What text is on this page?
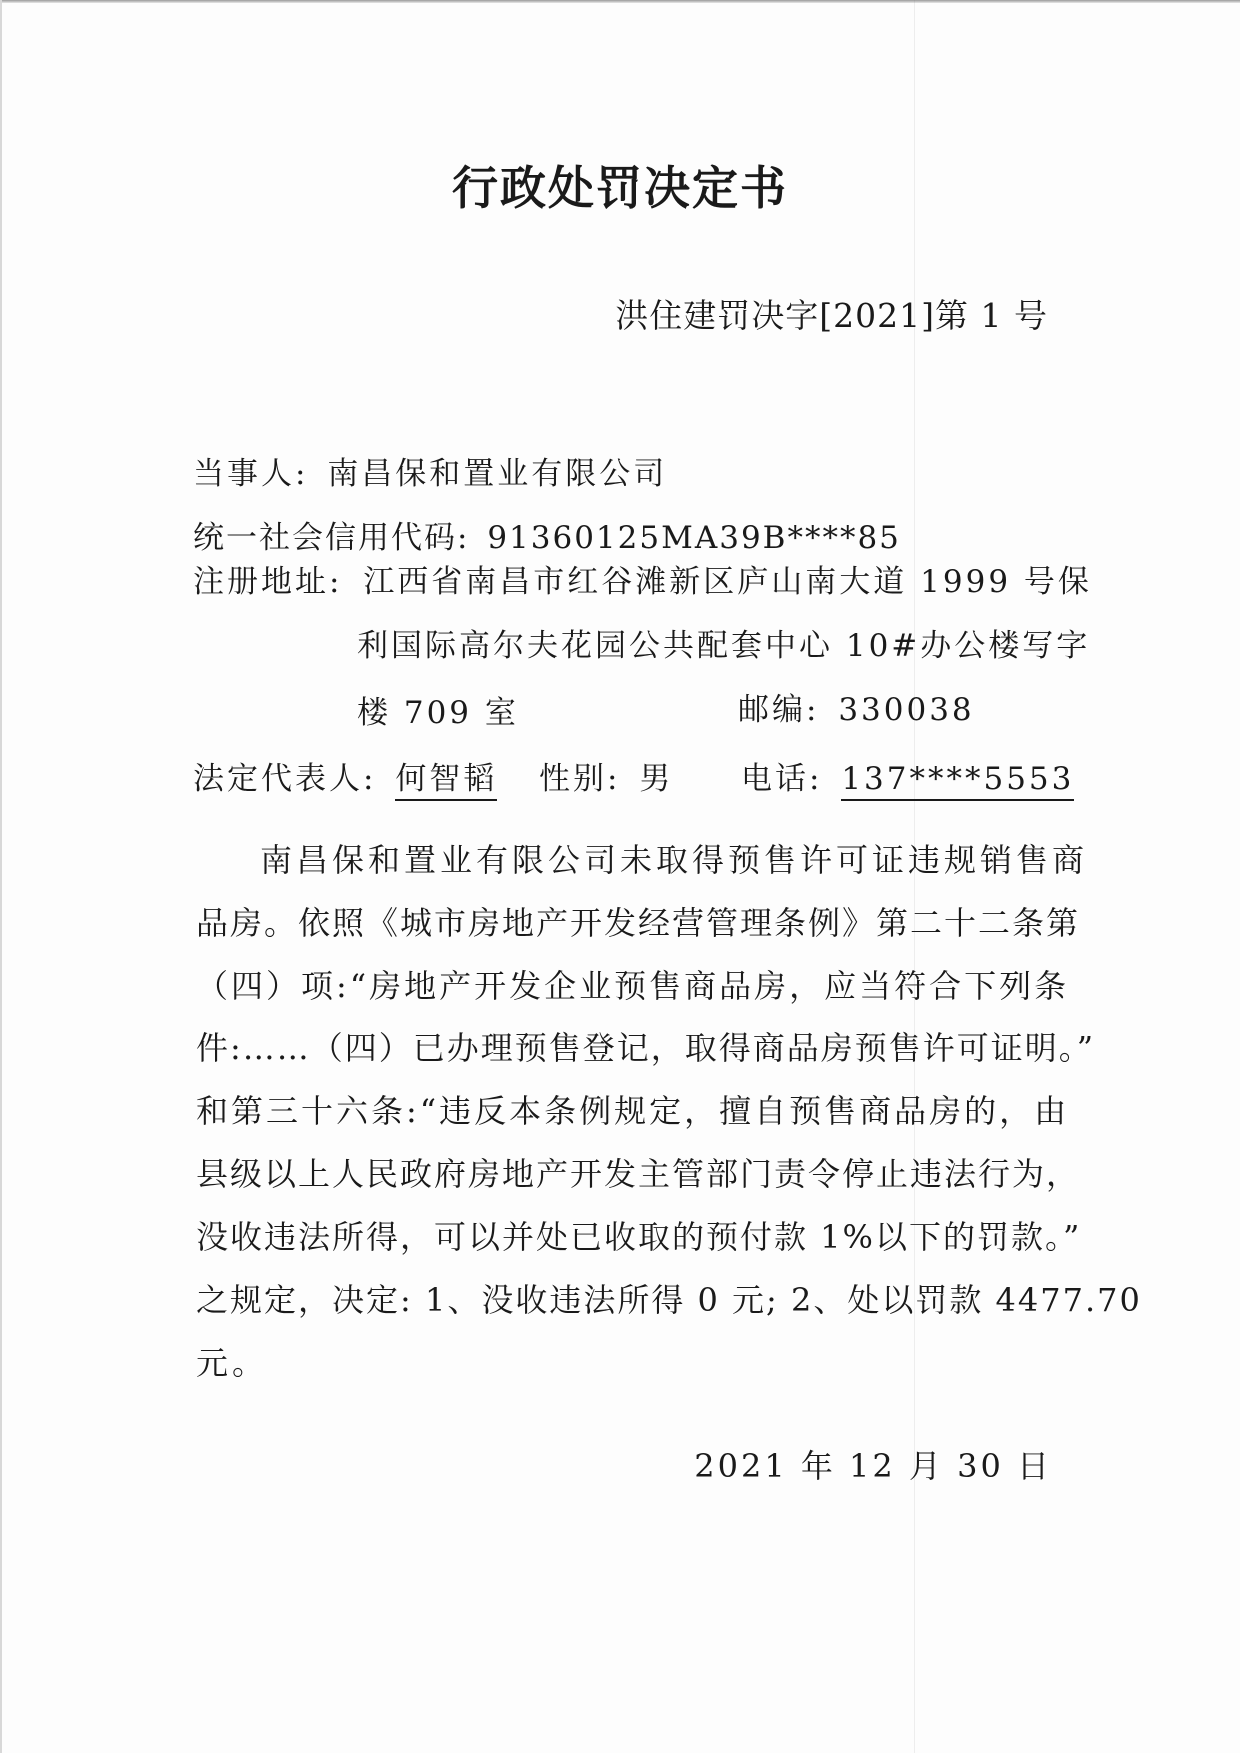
行政处罚决定书
洪住建罚决字[2021]第 1 号
当事人: 南昌保和置业有限公司
统一社会信用代码: 91360125MA39B****85
注册地址: 江西省南昌市红谷滩新区庐山南大道 1999 号保
利国际高尔夫花园公共配套中心 10#办公楼写字
楼 709 室	邮编: 330038
法定代表人: 何智韬 性别: 男 电话: 137****5553
南昌保和置业有限公司未取得预售许可证违规销售商
品房。依照《城市房地产开发经营管理条例》第二十二条第
（四）项:“房地产开发企业预售商品房，应当符合下列条
件:……（四）已办理预售登记，取得商品房预售许可证明。”
和第三十六条:“违反本条例规定，擅自预售商品房的，由
县级以上人民政府房地产开发主管部门责令停止违法行为，
没收违法所得，可以并处已收取的预付款 1%以下的罚款。”
之规定，决定: 1、没收违法所得 0 元; 2、处以罚款 4477.70
元。
2021 年 12 月 30 日
